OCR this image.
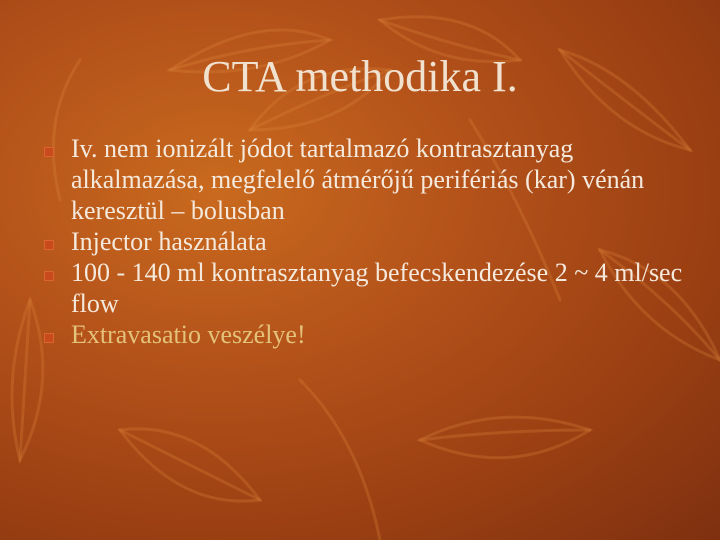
CTA methodika I.
Iv. nem ionizált jódot tartalmazó kontrasztanyag alkalmazása, megfelelő átmérőjű perifériás (kar) vénán keresztül – bolusban
Injector használata
100 - 140 ml kontrasztanyag befecskendezése 2 ~ 4 ml/sec flow
Extravasatio veszélye!
